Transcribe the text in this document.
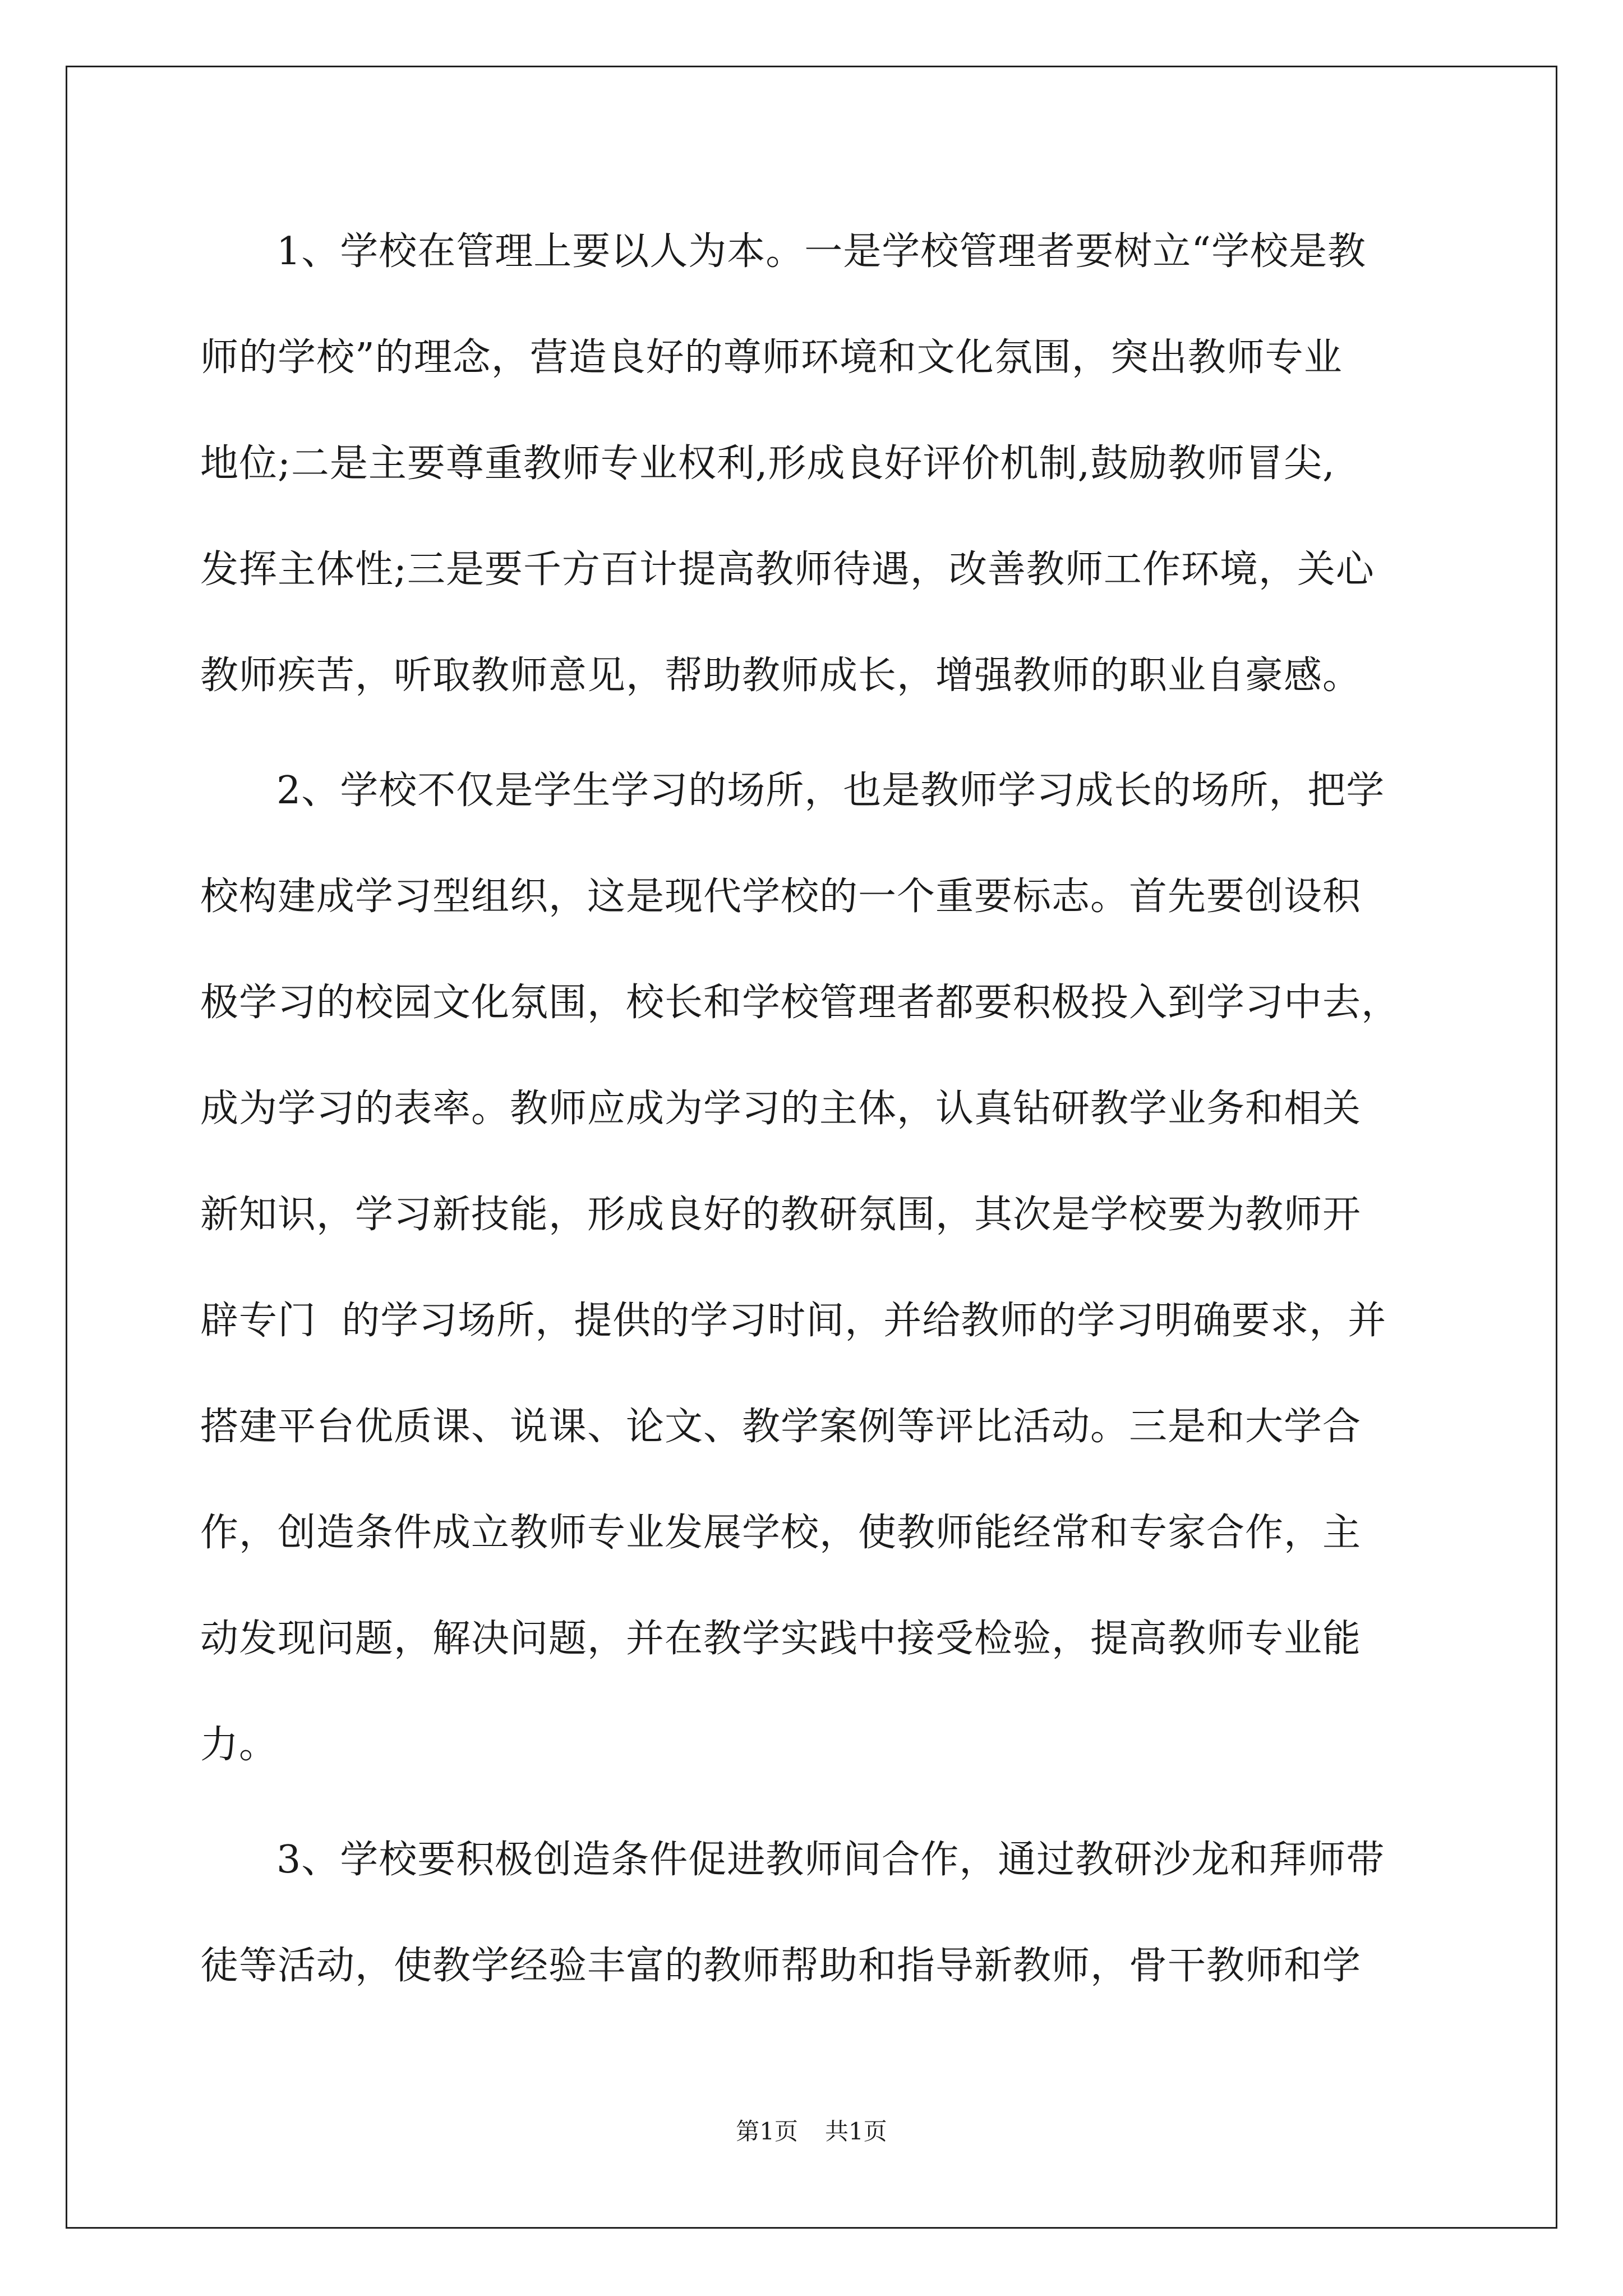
1、学校在管理上要以人为本。一是学校管理者要树立“学校是教
师的学校”的理念，营造良好的尊师环境和文化氛围，突出教师专业
地位;二是主要尊重教师专业权利,形成良好评价机制,鼓励教师冒尖,
发挥主体性;三是要千方百计提高教师待遇，改善教师工作环境，关心
教师疾苦，听取教师意见，帮助教师成长，增强教师的职业自豪感。
2、学校不仅是学生学习的场所，也是教师学习成长的场所，把学
校构建成学习型组织，这是现代学校的一个重要标志。首先要创设积
极学习的校园文化氛围，校长和学校管理者都要积极投入到学习中去，
成为学习的表率。教师应成为学习的主体，认真钻研教学业务和相关
新知识，学习新技能，形成良好的教研氛围，其次是学校要为教师开
辟专门  的学习场所，提供的学习时间，并给教师的学习明确要求，并
搭建平台优质课、说课、论文、教学案例等评比活动。三是和大学合
作，创造条件成立教师专业发展学校，使教师能经常和专家合作，主
动发现问题，解决问题，并在教学实践中接受检验，提高教师专业能
力。
3、学校要积极创造条件促进教师间合作，通过教研沙龙和拜师带
徒等活动，使教学经验丰富的教师帮助和指导新教师，骨干教师和学
第1页 共1页
